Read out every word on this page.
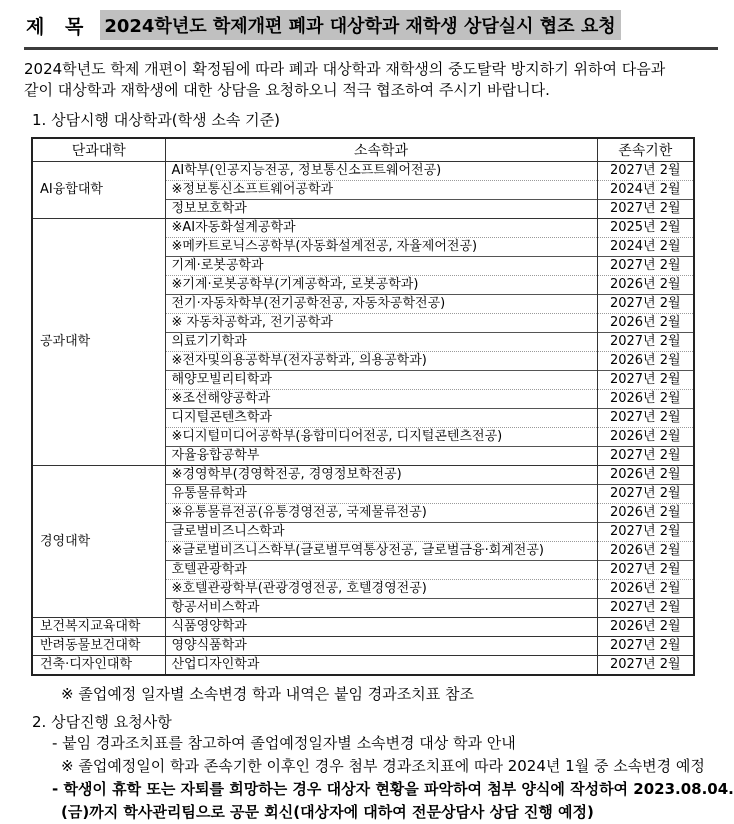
제 목 2024학년도 학제개편 폐과 대상학과 재학생 상담실시 협조 요청

2024학년도 학제 개편이 확정됨에 따라 폐과 대상학과 재학생의 중도탈락 방지하기 위하여 다음과
같이 대상학과 재학생에 대한 상담을 요청하오니 적극 협조하여 주시기 바랍니다.

1. 상담시행 대상학과(학생 소속 기준)
단과대학	소속학과	존속기한
AI융합대학	AI학부(인공지능전공, 정보통신소프트웨어전공)	2027년 2월
	※정보통신소프트웨어공학과	2024년 2월
	정보보호학과	2027년 2월
공과대학	※AI자동화설계공학과	2025년 2월
	※메카트로닉스공학부(자동화설계전공, 자율제어전공)	2024년 2월
	기계·로봇공학과	2027년 2월
	※기계·로봇공학부(기계공학과, 로봇공학과)	2026년 2월
	전기·자동차학부(전기공학전공, 자동차공학전공)	2027년 2월
	※ 자동차공학과, 전기공학과	2026년 2월
	의료기기학과	2027년 2월
	※전자및의용공학부(전자공학과, 의용공학과)	2026년 2월
	해양모빌리티학과	2027년 2월
	※조선해양공학과	2026년 2월
	디지털콘텐츠학과	2027년 2월
	※디지털미디어공학부(융합미디어전공, 디지털콘텐츠전공)	2026년 2월
	자율융합공학부	2027년 2월
경영대학	※경영학부(경영학전공, 경영정보학전공)	2026년 2월
	유통물류학과	2027년 2월
	※유통물류전공(유통경영전공, 국제물류전공)	2026년 2월
	글로벌비즈니스학과	2027년 2월
	※글로벌비즈니스학부(글로벌무역통상전공, 글로벌금융·회계전공)	2026년 2월
	호텔관광학과	2027년 2월
	※호텔관광학부(관광경영전공, 호텔경영전공)	2026년 2월
	항공서비스학과	2027년 2월
보건복지교육대학	식품영양학과	2026년 2월
반려동물보건대학	영양식품학과	2027년 2월
건축·디자인대학	산업디자인학과	2027년 2월
※ 졸업예정 일자별 소속변경 학과 내역은 붙임 경과조치표 참조
2. 상담진행 요청사항
- 붙임 경과조치표를 참고하여 졸업예정일자별 소속변경 대상 학과 안내
※ 졸업예정일이 학과 존속기한 이후인 경우 첨부 경과조치표에 따라 2024년 1월 중 소속변경 예정
- 학생이 휴학 또는 자퇴를 희망하는 경우 대상자 현황을 파악하여 첨부 양식에 작성하여 2023.08.04.
(금)까지 학사관리팀으로 공문 회신(대상자에 대하여 전문상담사 상담 진행 예정)
